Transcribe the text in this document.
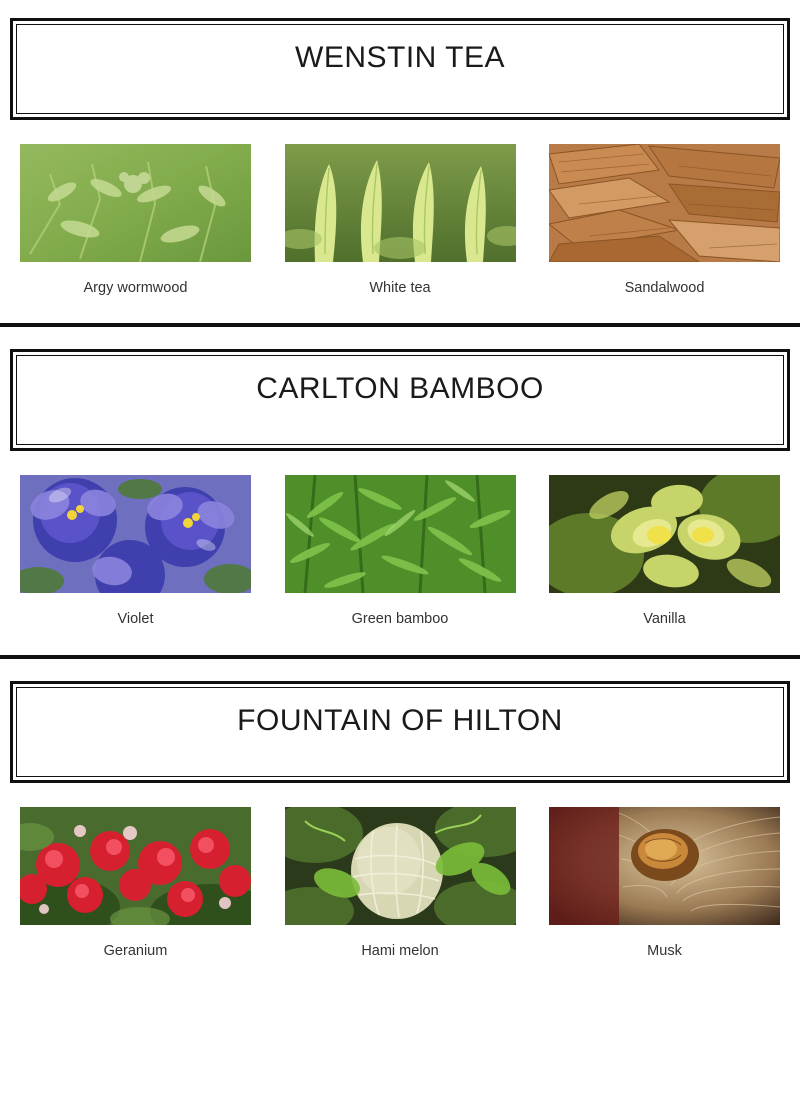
WENSTIN TEA
Argy wormwood	White tea	Sandalwood
CARLTON BAMBOO
Violet	Green bamboo	Vanilla
FOUNTAIN OF HILTON
Geranium	Hami melon	Musk
